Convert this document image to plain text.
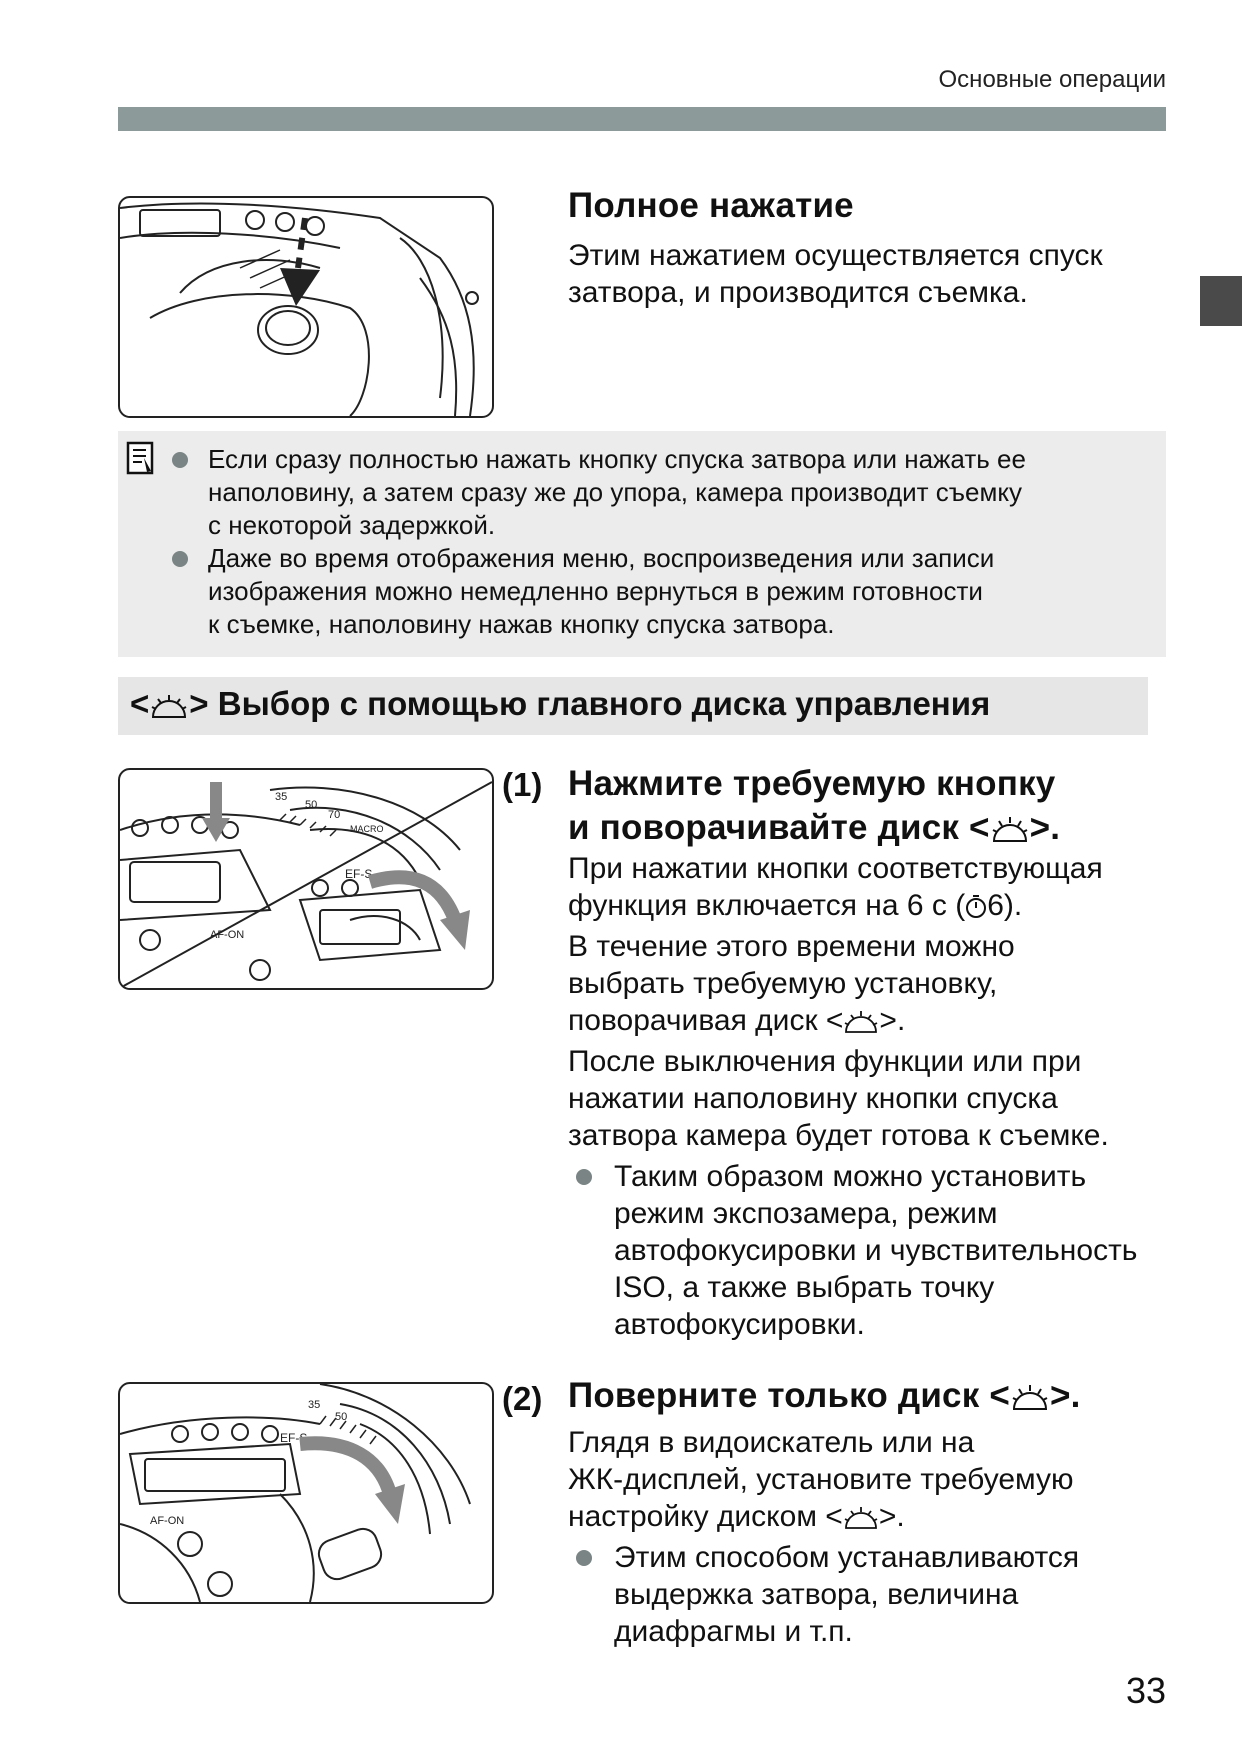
Основные операции
Полное нажатие
Этим нажатием осуществляется спуск
затвора, и производится съемка.
Если сразу полностью нажать кнопку спуска затвора или нажать ее
наполовину, а затем сразу же до упора, камера производит съемку
с некоторой задержкой.
Даже во время отображения меню, воспроизведения или записи
изображения можно немедленно вернуться в режим готовности
к съемке, наполовину нажав кнопку спуска затвора.
< > Выбор с помощью главного диска управления
35
50
70
MACRO
EF-S
AF-ON
(1) Нажмите требуемую кнопку
и поворачивайте диск < >.
При нажатии кнопки соответствующая
функция включается на 6 с ( 6).
В течение этого времени можно
выбрать требуемую установку,
поворачивая диск < >.
После выключения функции или при
нажатии наполовину кнопки спуска
затвора камера будет готова к съемке.
Таким образом можно установить
режим экспозамера, режим
автофокусировки и чувствительность
ISO, а также выбрать точку
автофокусировки.
AF-ON
35
50
EF-S
(2) Поверните только диск < >.
Глядя в видоискатель или на
ЖК-дисплей, установите требуемую
настройку диском < >.
Этим способом устанавливаются
выдержка затвора, величина
диафрагмы и т.п.
33
